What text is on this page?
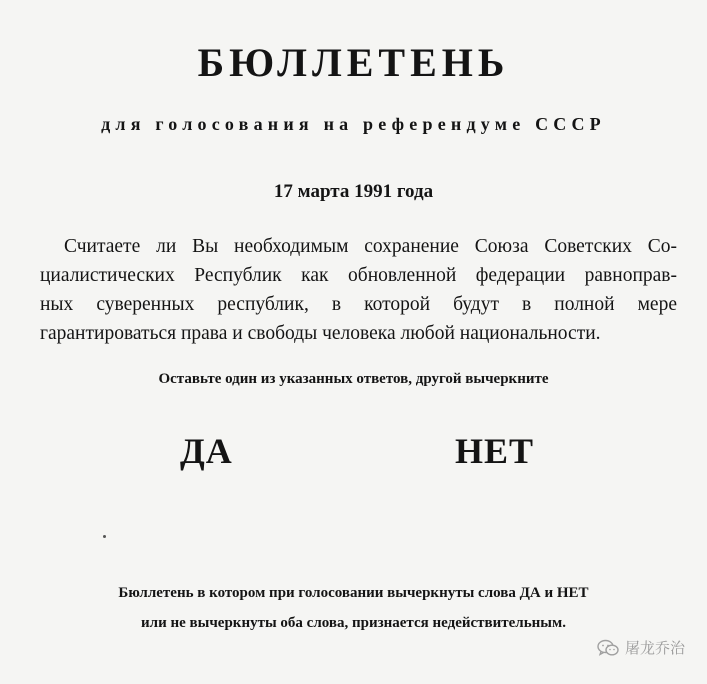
БЮЛЛЕТЕНЬ
для голосования на референдуме СССР
17 марта 1991 года
Считаете ли Вы необходимым сохранение Союза Советских Со-
циалистических Республик как обновленной федерации равноправ-
ных суверенных республик, в которой будут в полной мере
гарантироваться права и свободы человека любой национальности.
Оставьте один из указанных ответов, другой вычеркните
ДА	НЕТ
Бюллетень в котором при голосовании вычеркнуты слова ДА и НЕТ
или не вычеркнуты оба слова, признается недействительным.
屠龙乔治
